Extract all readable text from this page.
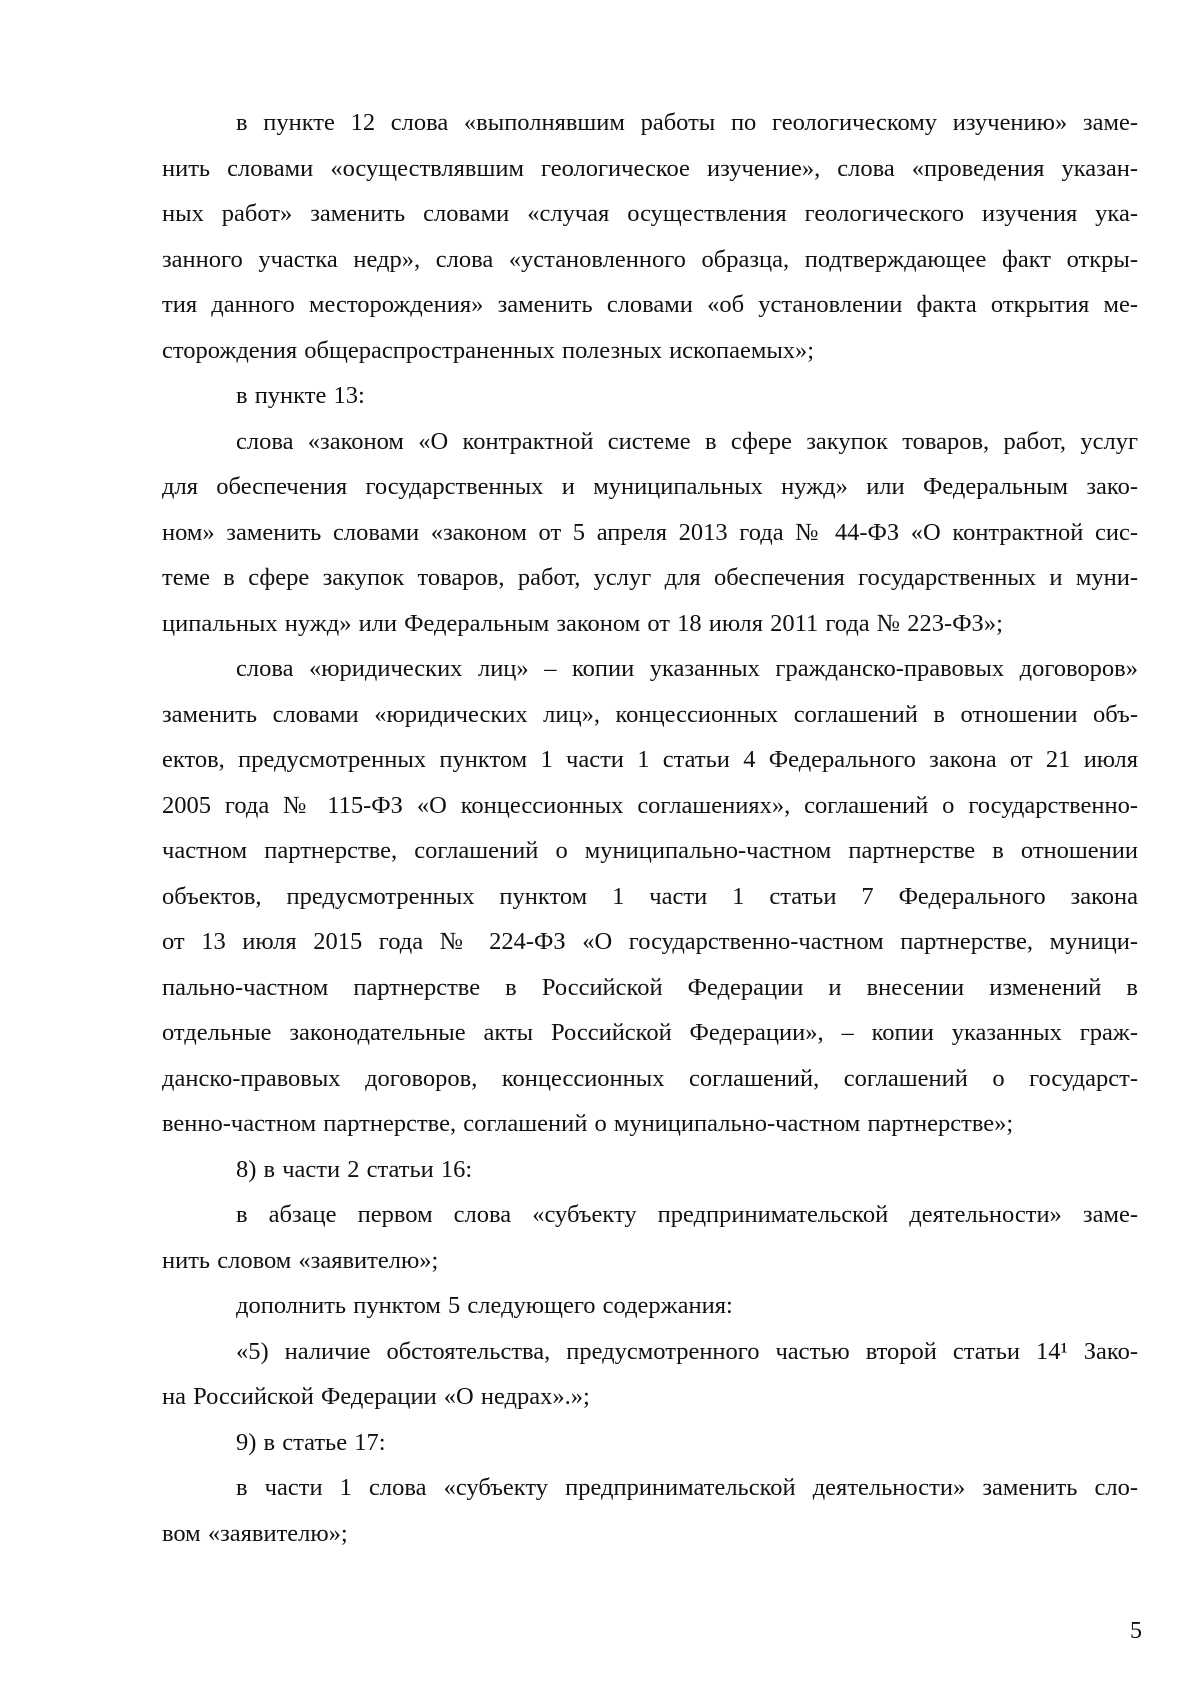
в пункте 12 слова «выполнявшим работы по геологическому изучению» заме-
нить словами «осуществлявшим геологическое изучение», слова «проведения указан-
ных работ» заменить словами «случая осуществления геологического изучения ука-
занного участка недр», слова «установленного образца, подтверждающее факт откры-
тия данного месторождения» заменить словами «об установлении факта открытия ме-
сторождения общераспространенных полезных ископаемых»;
в пункте 13:
слова «законом «О контрактной системе в сфере закупок товаров, работ, услуг
для обеспечения государственных и муниципальных нужд» или Федеральным зако-
ном» заменить словами «законом от 5 апреля 2013 года № 44-ФЗ «О контрактной сис-
теме в сфере закупок товаров, работ, услуг для обеспечения государственных и муни-
ципальных нужд» или Федеральным законом от 18 июля 2011 года № 223-ФЗ»;
слова «юридических лиц» – копии указанных гражданско-правовых договоров»
заменить словами «юридических лиц», концессионных соглашений в отношении объ-
ектов, предусмотренных пунктом 1 части 1 статьи 4 Федерального закона от 21 июля
2005 года № 115-ФЗ «О концессионных соглашениях», соглашений о государственно-
частном партнерстве, соглашений о муниципально-частном партнерстве в отношении
объектов, предусмотренных пунктом 1 части 1 статьи 7 Федерального закона
от 13 июля 2015 года № 224-ФЗ «О государственно-частном партнерстве, муници-
пально-частном партнерстве в Российской Федерации и внесении изменений в
отдельные законодательные акты Российской Федерации», – копии указанных граж-
данско-правовых договоров, концессионных соглашений, соглашений о государст-
венно-частном партнерстве, соглашений о муниципально-частном партнерстве»;
8) в части 2 статьи 16:
в абзаце первом слова «субъекту предпринимательской деятельности» заме-
нить словом «заявителю»;
дополнить пунктом 5 следующего содержания:
«5) наличие обстоятельства, предусмотренного частью второй статьи 14¹ Зако-
на Российской Федерации «О недрах».»;
9) в статье 17:
в части 1 слова «субъекту предпринимательской деятельности» заменить сло-
вом «заявителю»;
5
